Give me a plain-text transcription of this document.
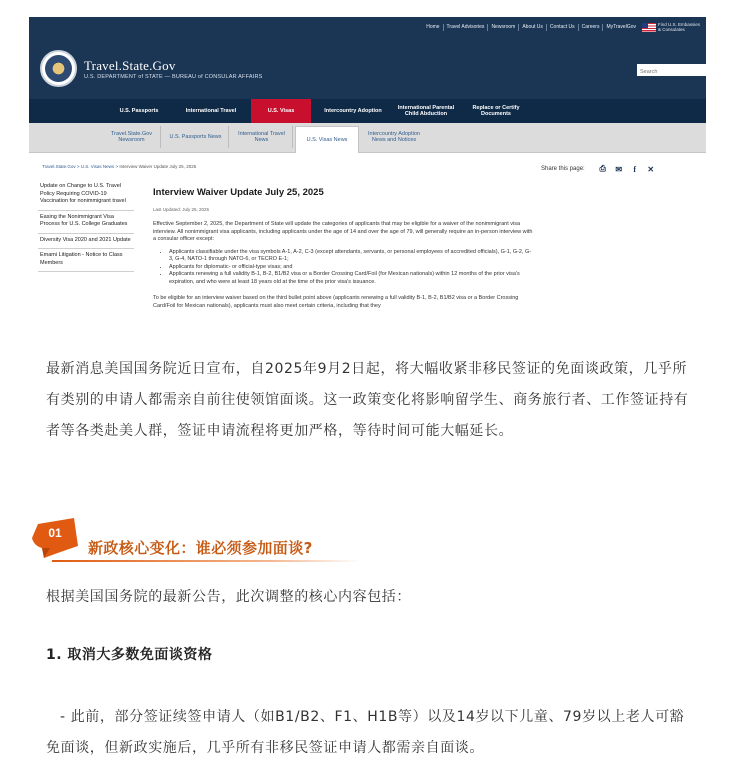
Home	Travel Advisories	Newsroom	About Us	Contact Us	Careers	MyTravelGov	Find U.S. Embassies & Consulates
Travel.State.Gov
U.S. DEPARTMENT of STATE — BUREAU of CONSULAR AFFAIRS
Search
U.S. Passports	International Travel	U.S. Visas	Intercountry Adoption	International Parental Child Abduction
Replace or Certify Documents
Travel.State.Gov Newsroom
U.S. Passports News
International Travel News	U.S. Visas News
Intercountry Adoption News and Notices
Travel.State.Gov > U.S. Visas News > Interview Waiver Update July 25, 2025	Share this page:	⎙	✉	f	✕
Update on Change to U.S. Travel Policy Requiring COVID-19 Vaccination for nonimmigrant travel
Easing the Nonimmigrant Visa Process for U.S. College Graduates
Diversity Visa 2020 and 2021 Update
Emami Litigation - Notice to Class Members
Interview Waiver Update July 25, 2025
Last Updated: July 25, 2025
Effective September 2, 2025, the Department of State will update the categories of applicants that may be eligible for a waiver of the nonimmigrant visa interview. All nonimmigrant visa applicants, including applicants under the age of 14 and over the age of 79, will generally require an in-person interview with a consular officer except:
• Applicants classifiable under the visa symbols A-1, A-2, C-3 (except attendants, servants, or personal employees of accredited officials), G-1, G-2, G-3, G-4, NATO-1 through NATO-6, or TECRO E-1;
• Applicants for diplomatic- or official-type visas; and
• Applicants renewing a full validity B-1, B-2, B1/B2 visa or a Border Crossing Card/Foil (for Mexican nationals) within 12 months of the prior visa's expiration, and who were at least 18 years old at the time of the prior visa's issuance.
To be eligible for an interview waiver based on the third bullet point above (applicants renewing a full validity B-1, B-2, B1/B2 visa or a Border Crossing Card/Foil for Mexican nationals), applicants must also meet certain criteria, including that they
最新消息美国国务院近日宣布，自2025年9月2日起，将大幅收紧非移民签证的免面谈政策，几乎所有类别的申请人都需亲自前往使领馆面谈。这一政策变化将影响留学生、商务旅行者、工作签证持有者等各类赴美人群，签证申请流程将更加严格，等待时间可能大幅延长。
01
新政核心变化：谁必须参加面谈?
根据美国国务院的最新公告，此次调整的核心内容包括：
1. 取消大多数免面谈资格
- 此前，部分签证续签申请人（如B1/B2、F1、H1B等）以及14岁以下儿童、79岁以上老人可豁免面谈，但新政实施后，几乎所有非移民签证申请人都需亲自面谈。
